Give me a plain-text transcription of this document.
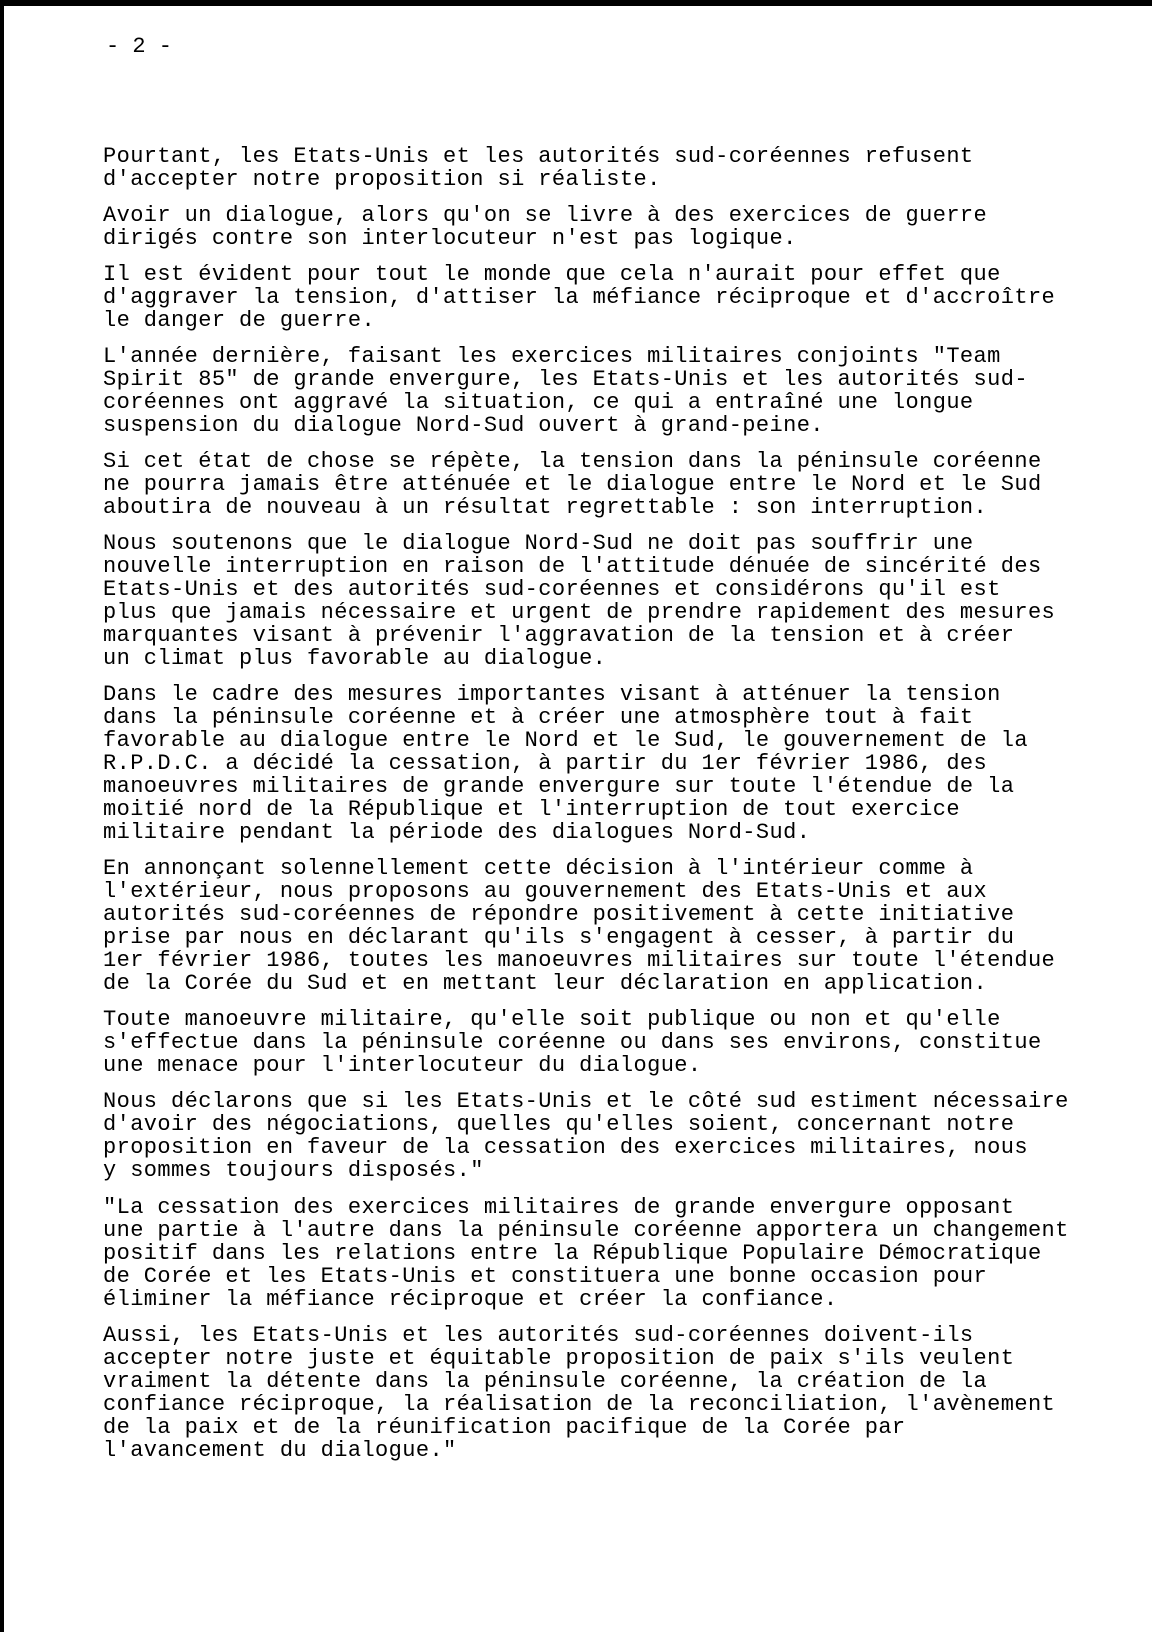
- 2 -
Pourtant, les Etats-Unis et les autorités sud-coréennes refusent
d'accepter notre proposition si réaliste.
Avoir un dialogue, alors qu'on se livre à des exercices de guerre
dirigés contre son interlocuteur n'est pas logique.
Il est évident pour tout le monde que cela n'aurait pour effet que
d'aggraver la tension, d'attiser la méfiance réciproque et d'accroître
le danger de guerre.
L'année dernière, faisant les exercices militaires conjoints "Team
Spirit 85" de grande envergure, les Etats-Unis et les autorités sud-
coréennes ont aggravé la situation, ce qui a entraîné une longue
suspension du dialogue Nord-Sud ouvert à grand-peine.
Si cet état de chose se répète, la tension dans la péninsule coréenne
ne pourra jamais être atténuée et le dialogue entre le Nord et le Sud
aboutira de nouveau à un résultat regrettable : son interruption.
Nous soutenons que le dialogue Nord-Sud ne doit pas souffrir une
nouvelle interruption en raison de l'attitude dénuée de sincérité des
Etats-Unis et des autorités sud-coréennes et considérons qu'il est
plus que jamais nécessaire et urgent de prendre rapidement des mesures
marquantes visant à prévenir l'aggravation de la tension et à créer
un climat plus favorable au dialogue.
Dans le cadre des mesures importantes visant à atténuer la tension
dans la péninsule coréenne et à créer une atmosphère tout à fait
favorable au dialogue entre le Nord et le Sud, le gouvernement de la
R.P.D.C. a décidé la cessation, à partir du 1er février 1986, des
manoeuvres militaires de grande envergure sur toute l'étendue de la
moitié nord de la République et l'interruption de tout exercice
militaire pendant la période des dialogues Nord-Sud.
En annonçant solennellement cette décision à l'intérieur comme à
l'extérieur, nous proposons au gouvernement des Etats-Unis et aux
autorités sud-coréennes de répondre positivement à cette initiative
prise par nous en déclarant qu'ils s'engagent à cesser, à partir du
1er février 1986, toutes les manoeuvres militaires sur toute l'étendue
de la Corée du Sud et en mettant leur déclaration en application.
Toute manoeuvre militaire, qu'elle soit publique ou non et qu'elle
s'effectue dans la péninsule coréenne ou dans ses environs, constitue
une menace pour l'interlocuteur du dialogue.
Nous déclarons que si les Etats-Unis et le côté sud estiment nécessaire
d'avoir des négociations, quelles qu'elles soient, concernant notre
proposition en faveur de la cessation des exercices militaires, nous
y sommes toujours disposés."
"La cessation des exercices militaires de grande envergure opposant
une partie à l'autre dans la péninsule coréenne apportera un changement
positif dans les relations entre la République Populaire Démocratique
de Corée et les Etats-Unis et constituera une bonne occasion pour
éliminer la méfiance réciproque et créer la confiance.
Aussi, les Etats-Unis et les autorités sud-coréennes doivent-ils
accepter notre juste et équitable proposition de paix s'ils veulent
vraiment la détente dans la péninsule coréenne, la création de la
confiance réciproque, la réalisation de la reconciliation, l'avènement
de la paix et de la réunification pacifique de la Corée par
l'avancement du dialogue."
